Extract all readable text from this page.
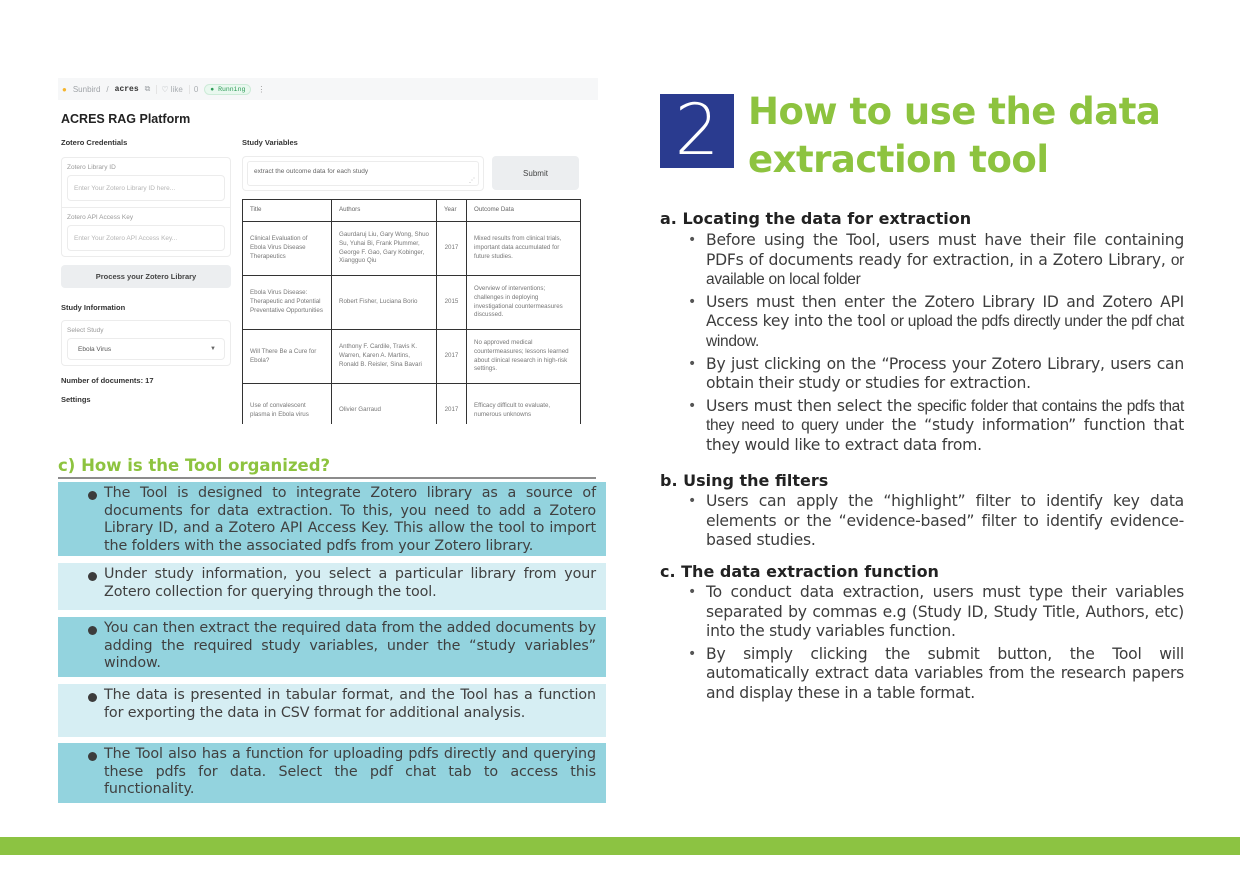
● Sunbird / acres ⧉	♡ like	0	● Running	⋮
ACRES RAG Platform
Zotero Credentials
Zotero Library ID
Enter Your Zotero Library ID here...
Zotero API Access Key
Enter Your Zotero API Access Key...
Process your Zotero Library
Study Information
Select Study
Ebola Virus	▼
Number of documents: 17
Settings
Study Variables
extract the outcome data for each study
⋰
Submit
Title	Authors	Year	Outcome Data
Clinical Evaluation of Ebola Virus Disease Therapeutics	Gaurdaruj Liu, Gary Wong, Shuo Su, Yuhai Bi, Frank Plummer, George F. Gao, Gary Kobinger, Xiangguo Qiu	2017	Mixed results from clinical trials, important data accumulated for future studies.
Ebola Virus Disease: Therapeutic and Potential Preventative Opportunities	Robert Fisher, Luciana Borio	2015	Overview of interventions; challenges in deploying investigational countermeasures discussed.
Will There Be a Cure for Ebola?	Anthony F. Cardile, Travis K. Warren, Karen A. Martins, Ronald B. Reisler, Sina Bavari	2017	No approved medical countermeasures; lessons learned about clinical research in high-risk settings.
Use of convalescent plasma in Ebola virus	Olivier Garraud	2017	Efficacy difficult to evaluate, numerous unknowns
c) How is the Tool organized?
The Tool is designed to integrate Zotero library as a source of documents for data extraction. To this, you need to add a Zotero Library ID, and a Zotero API Access Key. This allow the tool to import the folders with the associated pdfs from your Zotero library.
Under study information, you select a particular library from your Zotero collection for querying through the tool.
You can then extract the required data from the added documents by adding the required study variables, under the “study variables” window.
The data is presented in tabular format, and the Tool has a function for exporting the data in CSV format for additional analysis.
The Tool also has a function for uploading pdfs directly and querying these pdfs for data. Select the pdf chat tab to access this functionality.
2 How to use the data extraction tool
a. Locating the data for extraction
• Before using the Tool, users must have their file containing PDFs of documents ready for extraction, in a Zotero Library, or available on local folder
• Users must then enter the Zotero Library ID and Zotero API Access key into the tool or upload the pdfs directly under the pdf chat window.
• By just clicking on the “Process your Zotero Library, users can obtain their study or studies for extraction.
• Users must then select the specific folder that contains the pdfs that they need to query under the “study information” function that they would like to extract data from.
b. Using the filters
• Users can apply the “highlight” filter to identify key data elements or the “evidence-based” filter to identify evidence-based studies.
c. The data extraction function
• To conduct data extraction, users must type their variables separated by commas e.g (Study ID, Study Title, Authors, etc) into the study variables function.
• By simply clicking the submit button, the Tool will automatically extract data variables from the research papers and display these in a table format.
